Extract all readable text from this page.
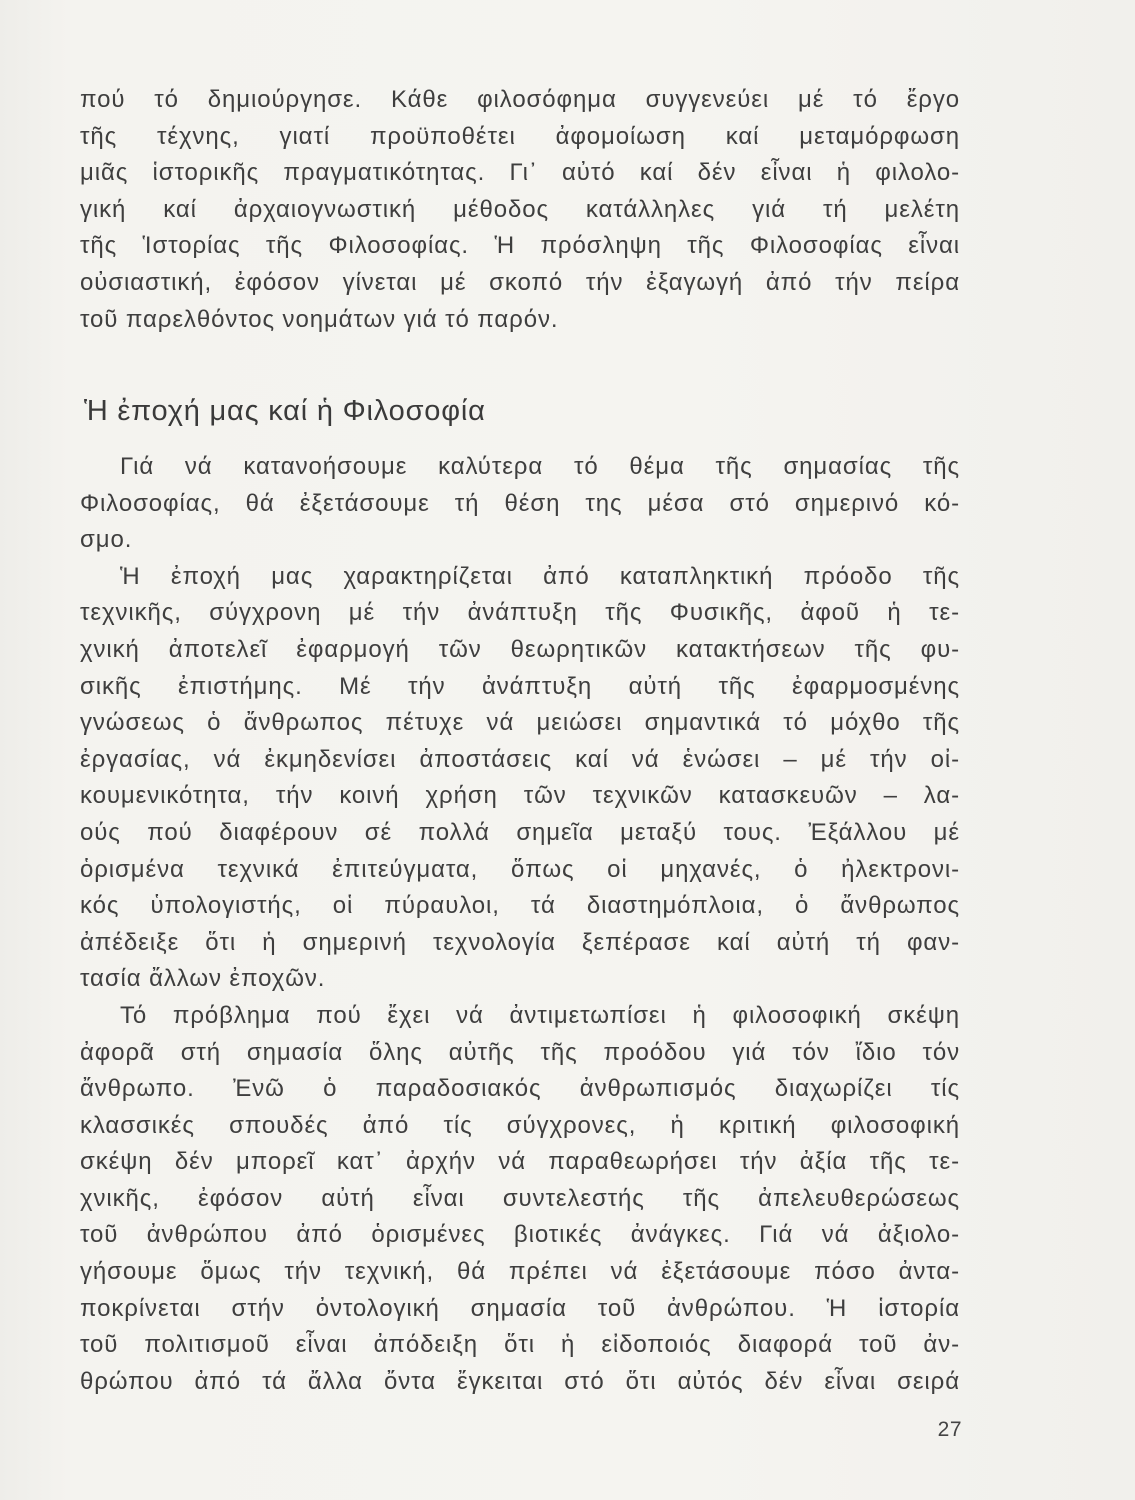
πού τό δημιούργησε. Κάθε φιλοσόφημα συγγενεύει μέ τό ἔργο
τῆς τέχνης, γιατί προϋποθέτει ἀφομοίωση καί μεταμόρφωση
μιᾶς ἱστορικῆς πραγματικότητας. Γι᾽ αὐτό καί δέν εἶναι ἡ φιλολο-
γική καί ἀρχαιογνωστική μέθοδος κατάλληλες γιά τή μελέτη
τῆς Ἱστορίας τῆς Φιλοσοφίας. Ἡ πρόσληψη τῆς Φιλοσοφίας εἶναι
οὐσιαστική, ἐφόσον γίνεται μέ σκοπό τήν ἐξαγωγή ἀπό τήν πείρα
τοῦ παρελθόντος νοημάτων γιά τό παρόν.
Ἡ ἐποχή μας καί ἡ Φιλοσοφία
Γιά νά κατανοήσουμε καλύτερα τό θέμα τῆς σημασίας τῆς
Φιλοσοφίας, θά ἐξετάσουμε τή θέση της μέσα στό σημερινό κό-
σμο.
Ἡ ἐποχή μας χαρακτηρίζεται ἀπό καταπληκτική πρόοδο τῆς
τεχνικῆς, σύγχρονη μέ τήν ἀνάπτυξη τῆς Φυσικῆς, ἀφοῦ ἡ τε-
χνική ἀποτελεῖ ἐφαρμογή τῶν θεωρητικῶν κατακτήσεων τῆς φυ-
σικῆς ἐπιστήμης. Μέ τήν ἀνάπτυξη αὐτή τῆς ἐφαρμοσμένης
γνώσεως ὁ ἄνθρωπος πέτυχε νά μειώσει σημαντικά τό μόχθο τῆς
ἐργασίας, νά ἐκμηδενίσει ἀποστάσεις καί νά ἑνώσει – μέ τήν οἰ-
κουμενικότητα, τήν κοινή χρήση τῶν τεχνικῶν κατασκευῶν – λα-
ούς πού διαφέρουν σέ πολλά σημεῖα μεταξύ τους. Ἐξάλλου μέ
ὁρισμένα τεχνικά ἐπιτεύγματα, ὅπως οἱ μηχανές, ὁ ἠλεκτρονι-
κός ὑπολογιστής, οἱ πύραυλοι, τά διαστημόπλοια, ὁ ἄνθρωπος
ἀπέδειξε ὅτι ἡ σημερινή τεχνολογία ξεπέρασε καί αὐτή τή φαν-
τασία ἄλλων ἐποχῶν.
Τό πρόβλημα πού ἔχει νά ἀντιμετωπίσει ἡ φιλοσοφική σκέψη
ἀφορᾶ στή σημασία ὅλης αὐτῆς τῆς προόδου γιά τόν ἴδιο τόν
ἄνθρωπο. Ἐνῶ ὁ παραδοσιακός ἀνθρωπισμός διαχωρίζει τίς
κλασσικές σπουδές ἀπό τίς σύγχρονες, ἡ κριτική φιλοσοφική
σκέψη δέν μπορεῖ κατ᾽ ἀρχήν νά παραθεωρήσει τήν ἀξία τῆς τε-
χνικῆς, ἐφόσον αὐτή εἶναι συντελεστής τῆς ἀπελευθερώσεως
τοῦ ἀνθρώπου ἀπό ὁρισμένες βιοτικές ἀνάγκες. Γιά νά ἀξιολο-
γήσουμε ὅμως τήν τεχνική, θά πρέπει νά ἐξετάσουμε πόσο ἀντα-
ποκρίνεται στήν ὀντολογική σημασία τοῦ ἀνθρώπου. Ἡ ἱστορία
τοῦ πολιτισμοῦ εἶναι ἀπόδειξη ὅτι ἡ εἰδοποιός διαφορά τοῦ ἀν-
θρώπου ἀπό τά ἄλλα ὄντα ἔγκειται στό ὅτι αὐτός δέν εἶναι σειρά
27
